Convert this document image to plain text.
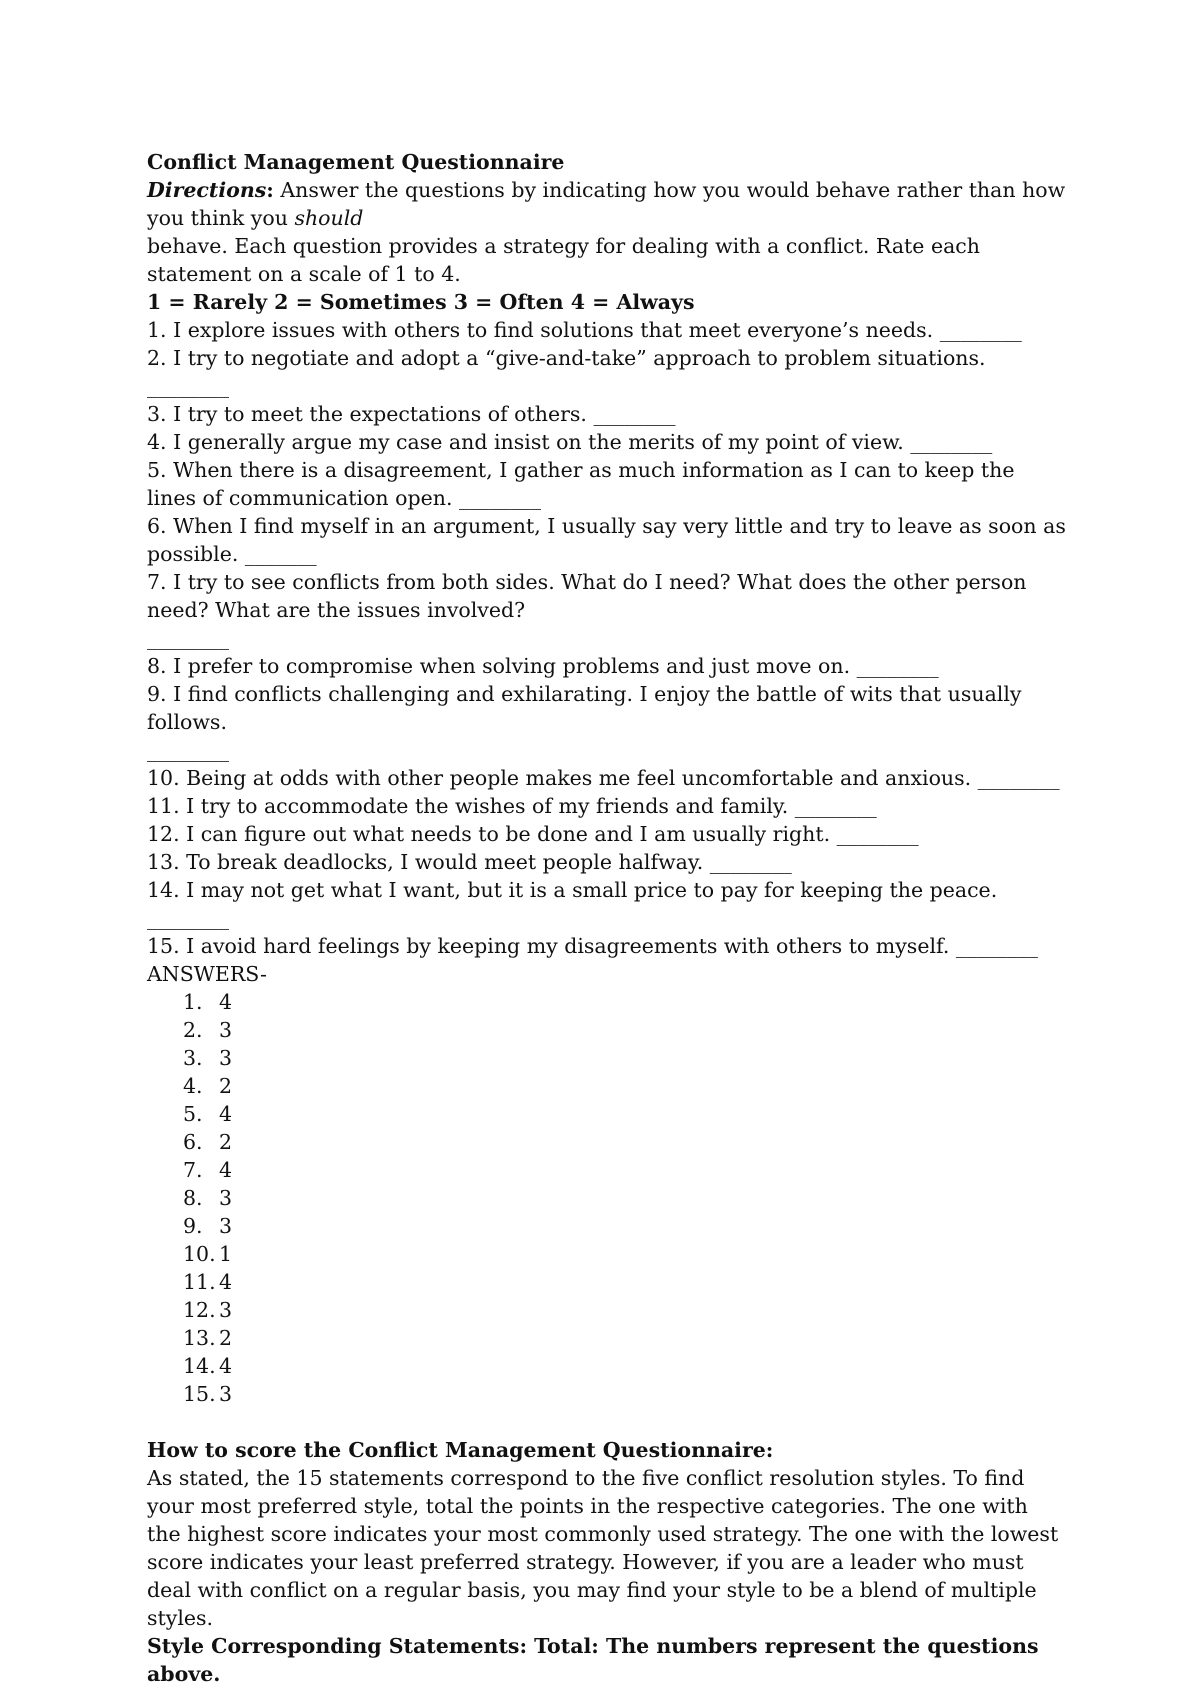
Conflict Management Questionnaire
Directions: Answer the questions by indicating how you would behave rather than how you think you should
behave. Each question provides a strategy for dealing with a conflict. Rate each statement on a scale of 1 to 4.
1 = Rarely 2 = Sometimes 3 = Often 4 = Always
1. I explore issues with others to find solutions that meet everyone’s needs. ________
2. I try to negotiate and adopt a “give-and-take” approach to problem situations. ________
3. I try to meet the expectations of others. ________
4. I generally argue my case and insist on the merits of my point of view. ________
5. When there is a disagreement, I gather as much information as I can to keep the lines of communication open. ________
6. When I find myself in an argument, I usually say very little and try to leave as soon as possible. _______
7. I try to see conflicts from both sides. What do I need? What does the other person need? What are the issues involved?
________
8. I prefer to compromise when solving problems and just move on. ________
9. I find conflicts challenging and exhilarating. I enjoy the battle of wits that usually follows.
________
10. Being at odds with other people makes me feel uncomfortable and anxious. ________
11. I try to accommodate the wishes of my friends and family. ________
12. I can figure out what needs to be done and I am usually right. ________
13. To break deadlocks, I would meet people halfway. ________
14. I may not get what I want, but it is a small price to pay for keeping the peace. ________
15. I avoid hard feelings by keeping my disagreements with others to myself. ________
ANSWERS-
1. 4
2. 3
3. 3
4. 2
5. 4
6. 2
7. 4
8. 3
9. 3
10. 1
11. 4
12. 3
13. 2
14. 4
15. 3
How to score the Conflict Management Questionnaire:
As stated, the 15 statements correspond to the five conflict resolution styles. To find your most preferred style, total the points in the respective categories. The one with the highest score indicates your most commonly used strategy. The one with the lowest score indicates your least preferred strategy. However, if you are a leader who must deal with conflict on a regular basis, you may find your style to be a blend of multiple styles.
Style Corresponding Statements: Total: The numbers represent the questions above.
